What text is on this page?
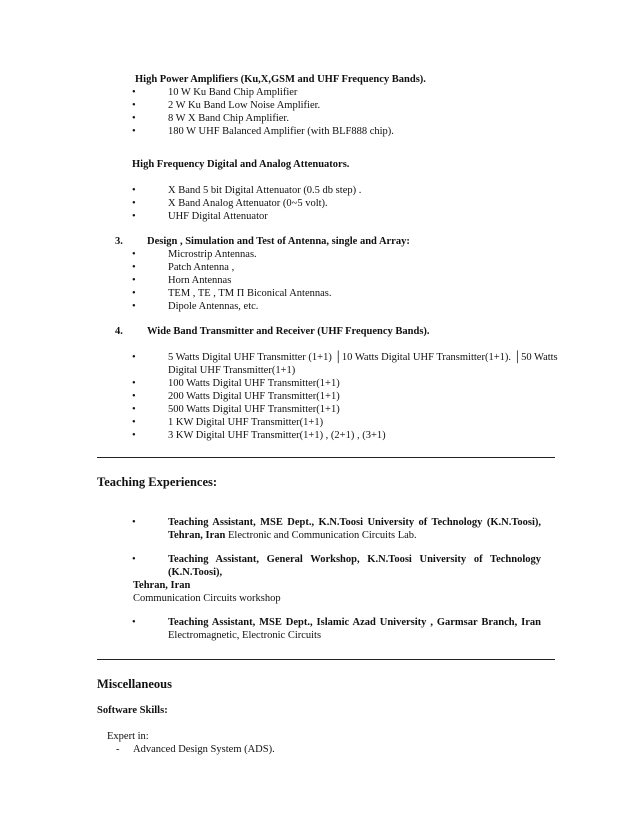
High Power Amplifiers (Ku,X,GSM and UHF Frequency Bands).
•	10 W Ku Band Chip Amplifier
•	2 W Ku Band Low Noise Amplifier.
•	8 W X Band Chip Amplifier.
•	180 W UHF Balanced Amplifier (with BLF888 chip).
High Frequency Digital and Analog Attenuators.
•	X Band 5 bit Digital Attenuator (0.5 db step) .
•	X Band Analog Attenuator (0~5 volt).
•	UHF Digital Attenuator
3. Design , Simulation and Test of Antenna, single and Array:
•	Microstrip Antennas.
•	Patch Antenna ,
•	Horn Antennas
•	TEM , TE , TM Π Biconical Antennas.
•	Dipole Antennas, etc.
4. Wide Band Transmitter and Receiver (UHF Frequency Bands).
•	5 Watts Digital UHF Transmitter (1+1) │10 Watts Digital UHF Transmitter(1+1). │50 Watts
Digital UHF Transmitter(1+1)
•	100 Watts Digital UHF Transmitter(1+1)
•	200 Watts Digital UHF Transmitter(1+1)
•	500 Watts Digital UHF Transmitter(1+1)
•	1 KW Digital UHF Transmitter(1+1)
•	3 KW Digital UHF Transmitter(1+1) , (2+1) , (3+1)
Teaching Experiences:
•	Teaching Assistant, MSE Dept., K.N.Toosi University of Technology (K.N.Toosi),
Tehran, Iran Electronic and Communication Circuits Lab.
•	Teaching Assistant, General Workshop, K.N.Toosi University of Technology
(K.N.Toosi),
Tehran, Iran
Communication Circuits workshop
•	Teaching Assistant, MSE Dept., Islamic Azad University , Garmsar Branch, Iran
Electromagnetic, Electronic Circuits
Miscellaneous
Software Skills:
Expert in:
- Advanced Design System (ADS).
